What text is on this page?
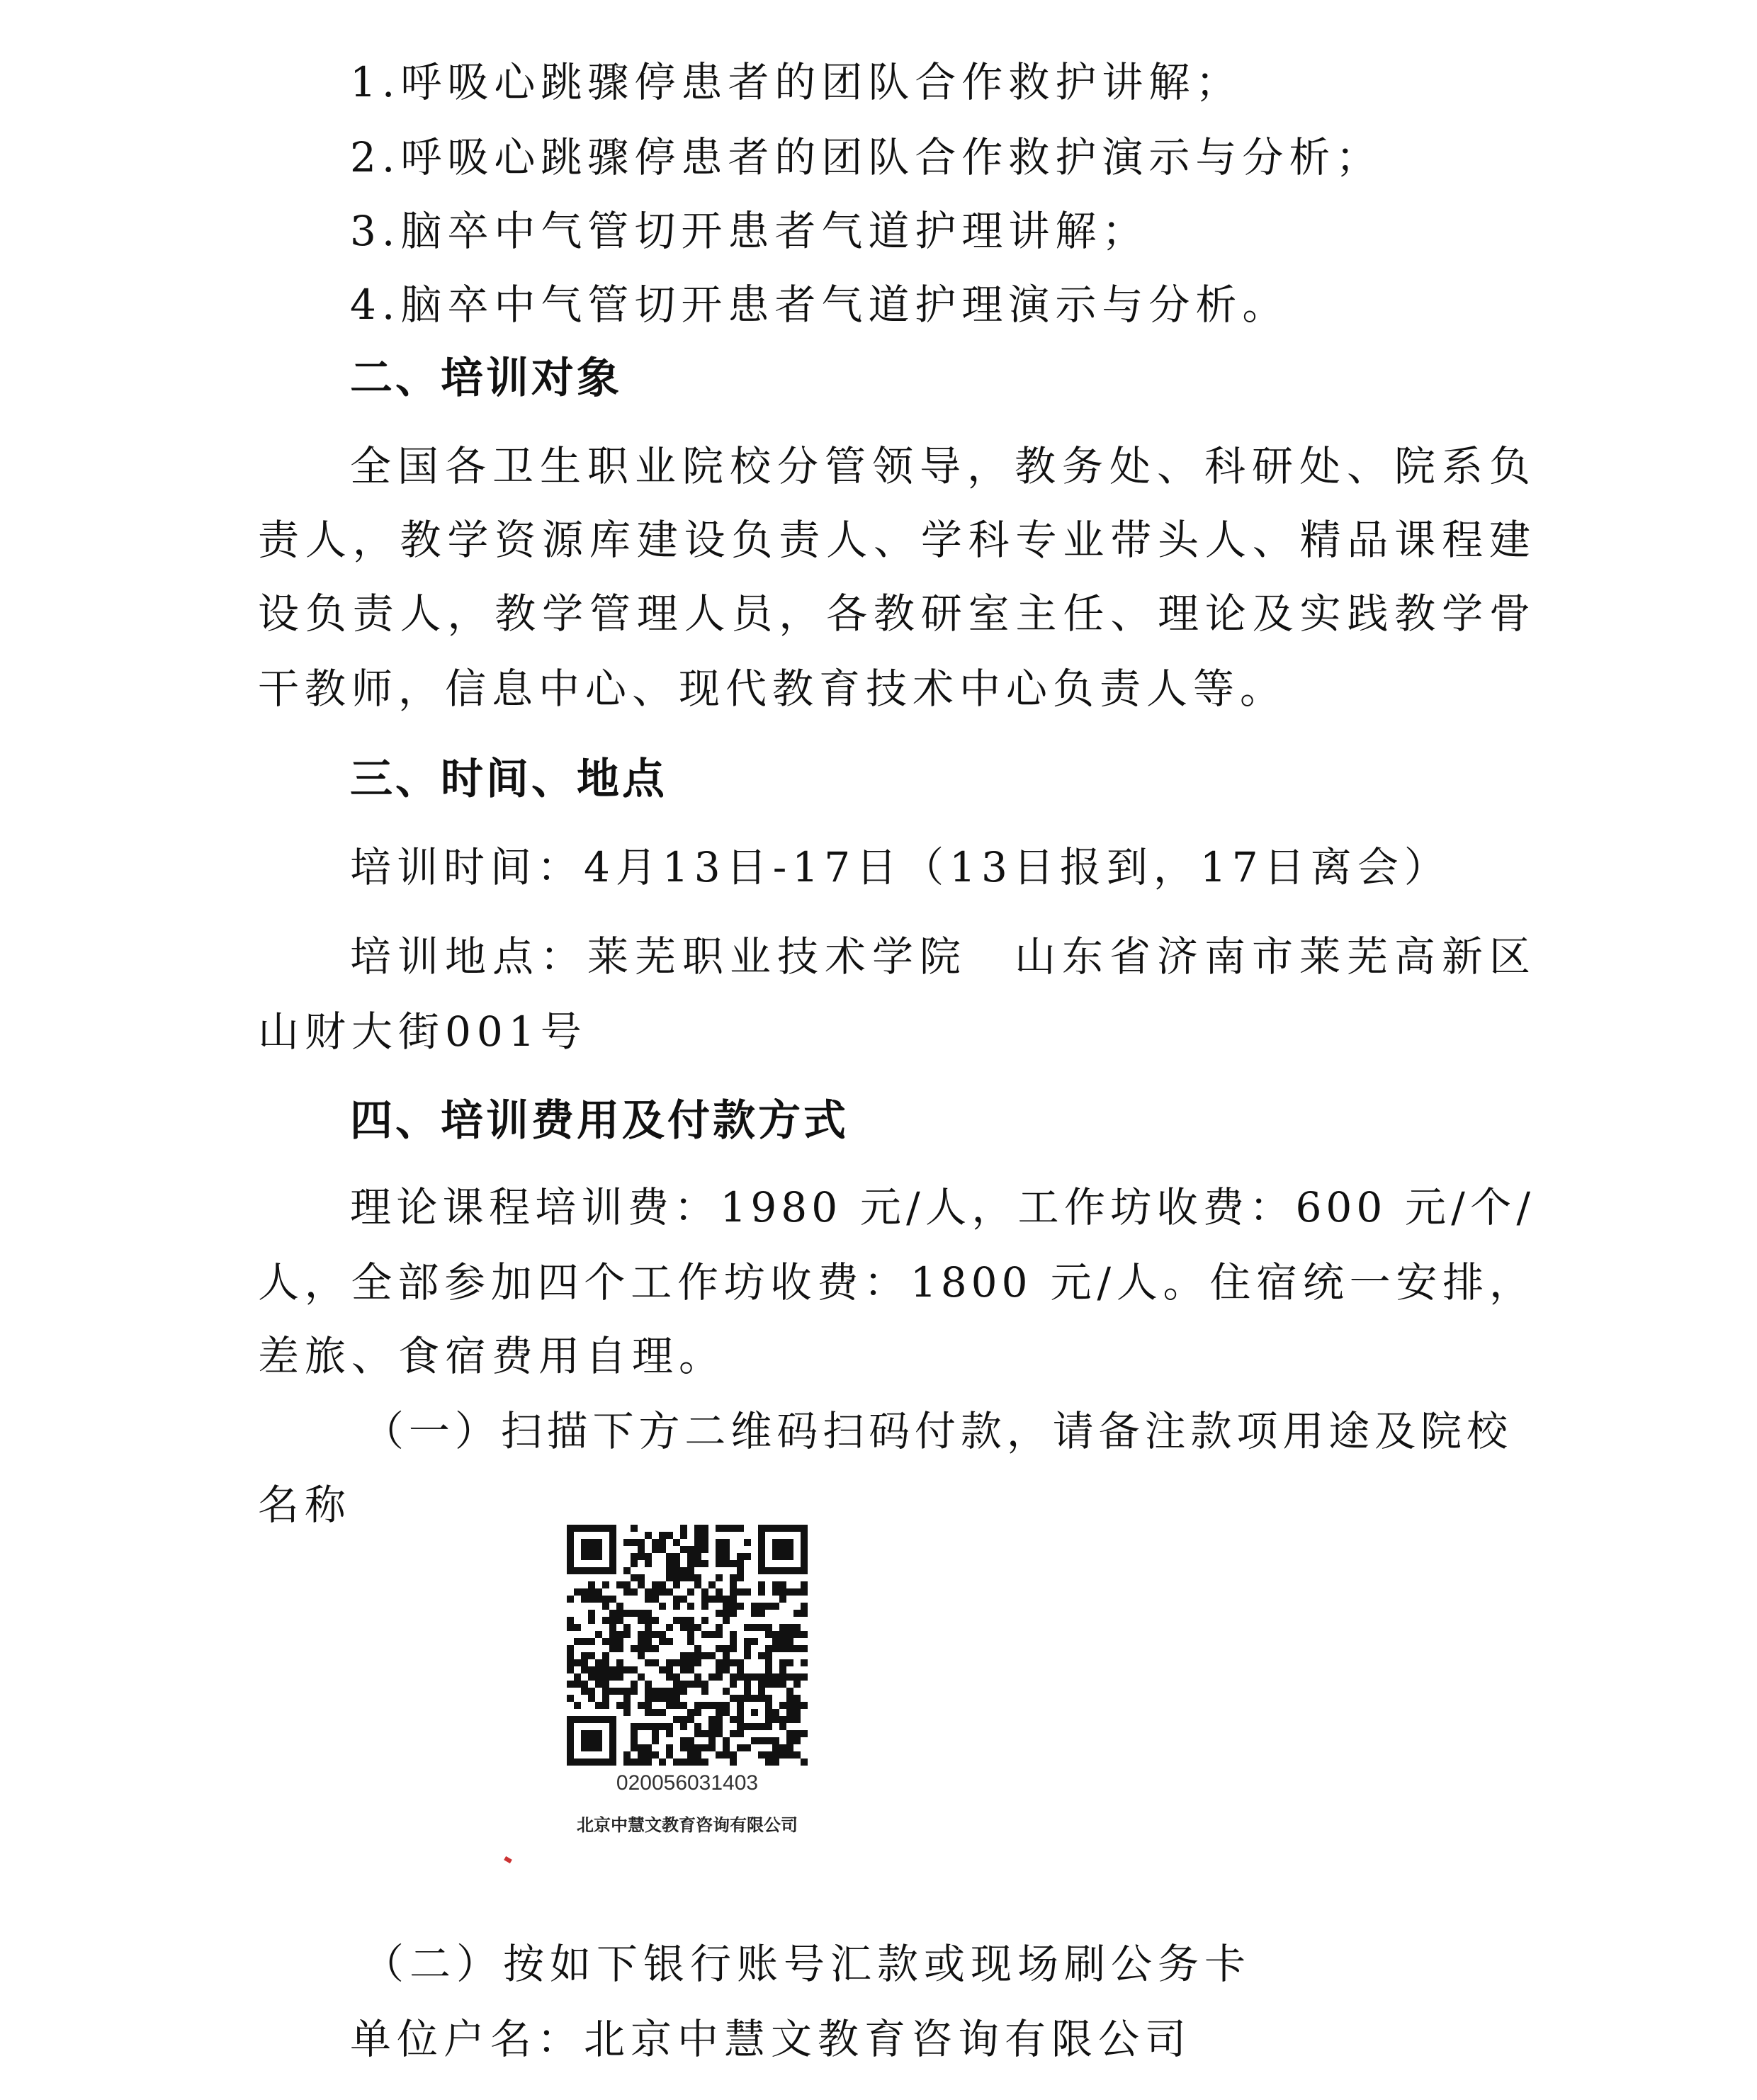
1.呼吸心跳骤停患者的团队合作救护讲解；
2.呼吸心跳骤停患者的团队合作救护演示与分析；
3.脑卒中气管切开患者气道护理讲解；
4.脑卒中气管切开患者气道护理演示与分析。
二、培训对象
全国各卫生职业院校分管领导，教务处、科研处、院系负
责人，教学资源库建设负责人、学科专业带头人、精品课程建
设负责人，教学管理人员，各教研室主任、理论及实践教学骨
干教师，信息中心、现代教育技术中心负责人等。
三、时间、地点
培训时间：4月13日-17日（13日报到，17日离会）
培训地点：莱芜职业技术学院　山东省济南市莱芜高新区
山财大街001号
四、培训费用及付款方式
理论课程培训费：1980 元/人，工作坊收费：600 元/个/
人，全部参加四个工作坊收费：1800 元/人。住宿统一安排，
差旅、食宿费用自理。
（一）扫描下方二维码扫码付款，请备注款项用途及院校
名称
020056031403
北京中慧文教育咨询有限公司
（二）按如下银行账号汇款或现场刷公务卡
单位户名：北京中慧文教育咨询有限公司
